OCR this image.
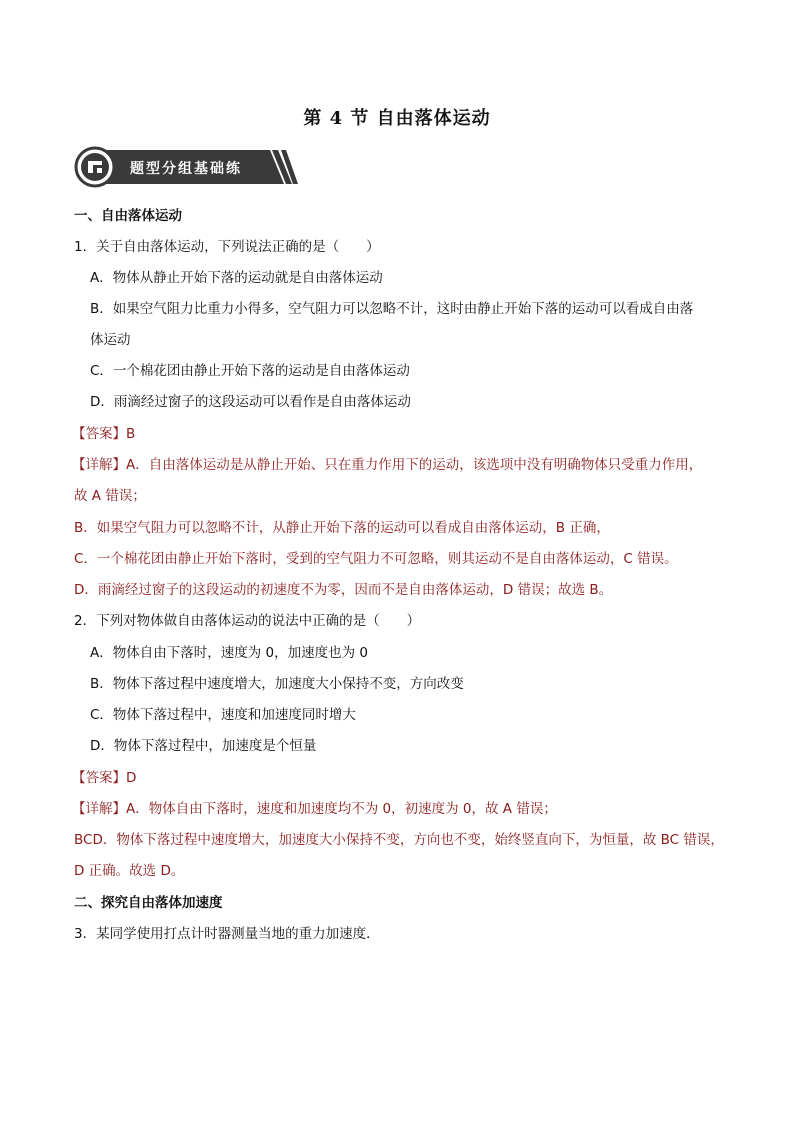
第 4 节 自由落体运动
题型分组基础练
一、自由落体运动
1．关于自由落体运动，下列说法正确的是（　　）
A．物体从静止开始下落的运动就是自由落体运动
B．如果空气阻力比重力小得多，空气阻力可以忽略不计，这时由静止开始下落的运动可以看成自由落
体运动
C．一个棉花团由静止开始下落的运动是自由落体运动
D．雨滴经过窗子的这段运动可以看作是自由落体运动
【答案】B
【详解】A．自由落体运动是从静止开始、只在重力作用下的运动，该选项中没有明确物体只受重力作用，
故 A 错误；
B．如果空气阻力可以忽略不计，从静止开始下落的运动可以看成自由落体运动，B 正确，
C．一个棉花团由静止开始下落时，受到的空气阻力不可忽略，则其运动不是自由落体运动，C 错误。
D．雨滴经过窗子的这段运动的初速度不为零，因而不是自由落体运动，D 错误；故选 B。
2．下列对物体做自由落体运动的说法中正确的是（　　）
A．物体自由下落时，速度为 0，加速度也为 0
B．物体下落过程中速度增大，加速度大小保持不变，方向改变
C．物体下落过程中，速度和加速度同时增大
D．物体下落过程中，加速度是个恒量
【答案】D
【详解】A．物体自由下落时，速度和加速度均不为 0，初速度为 0，故 A 错误；
BCD．物体下落过程中速度增大，加速度大小保持不变，方向也不变，始终竖直向下，为恒量，故 BC 错误，
D 正确。故选 D。
二、探究自由落体加速度
3．某同学使用打点计时器测量当地的重力加速度．
